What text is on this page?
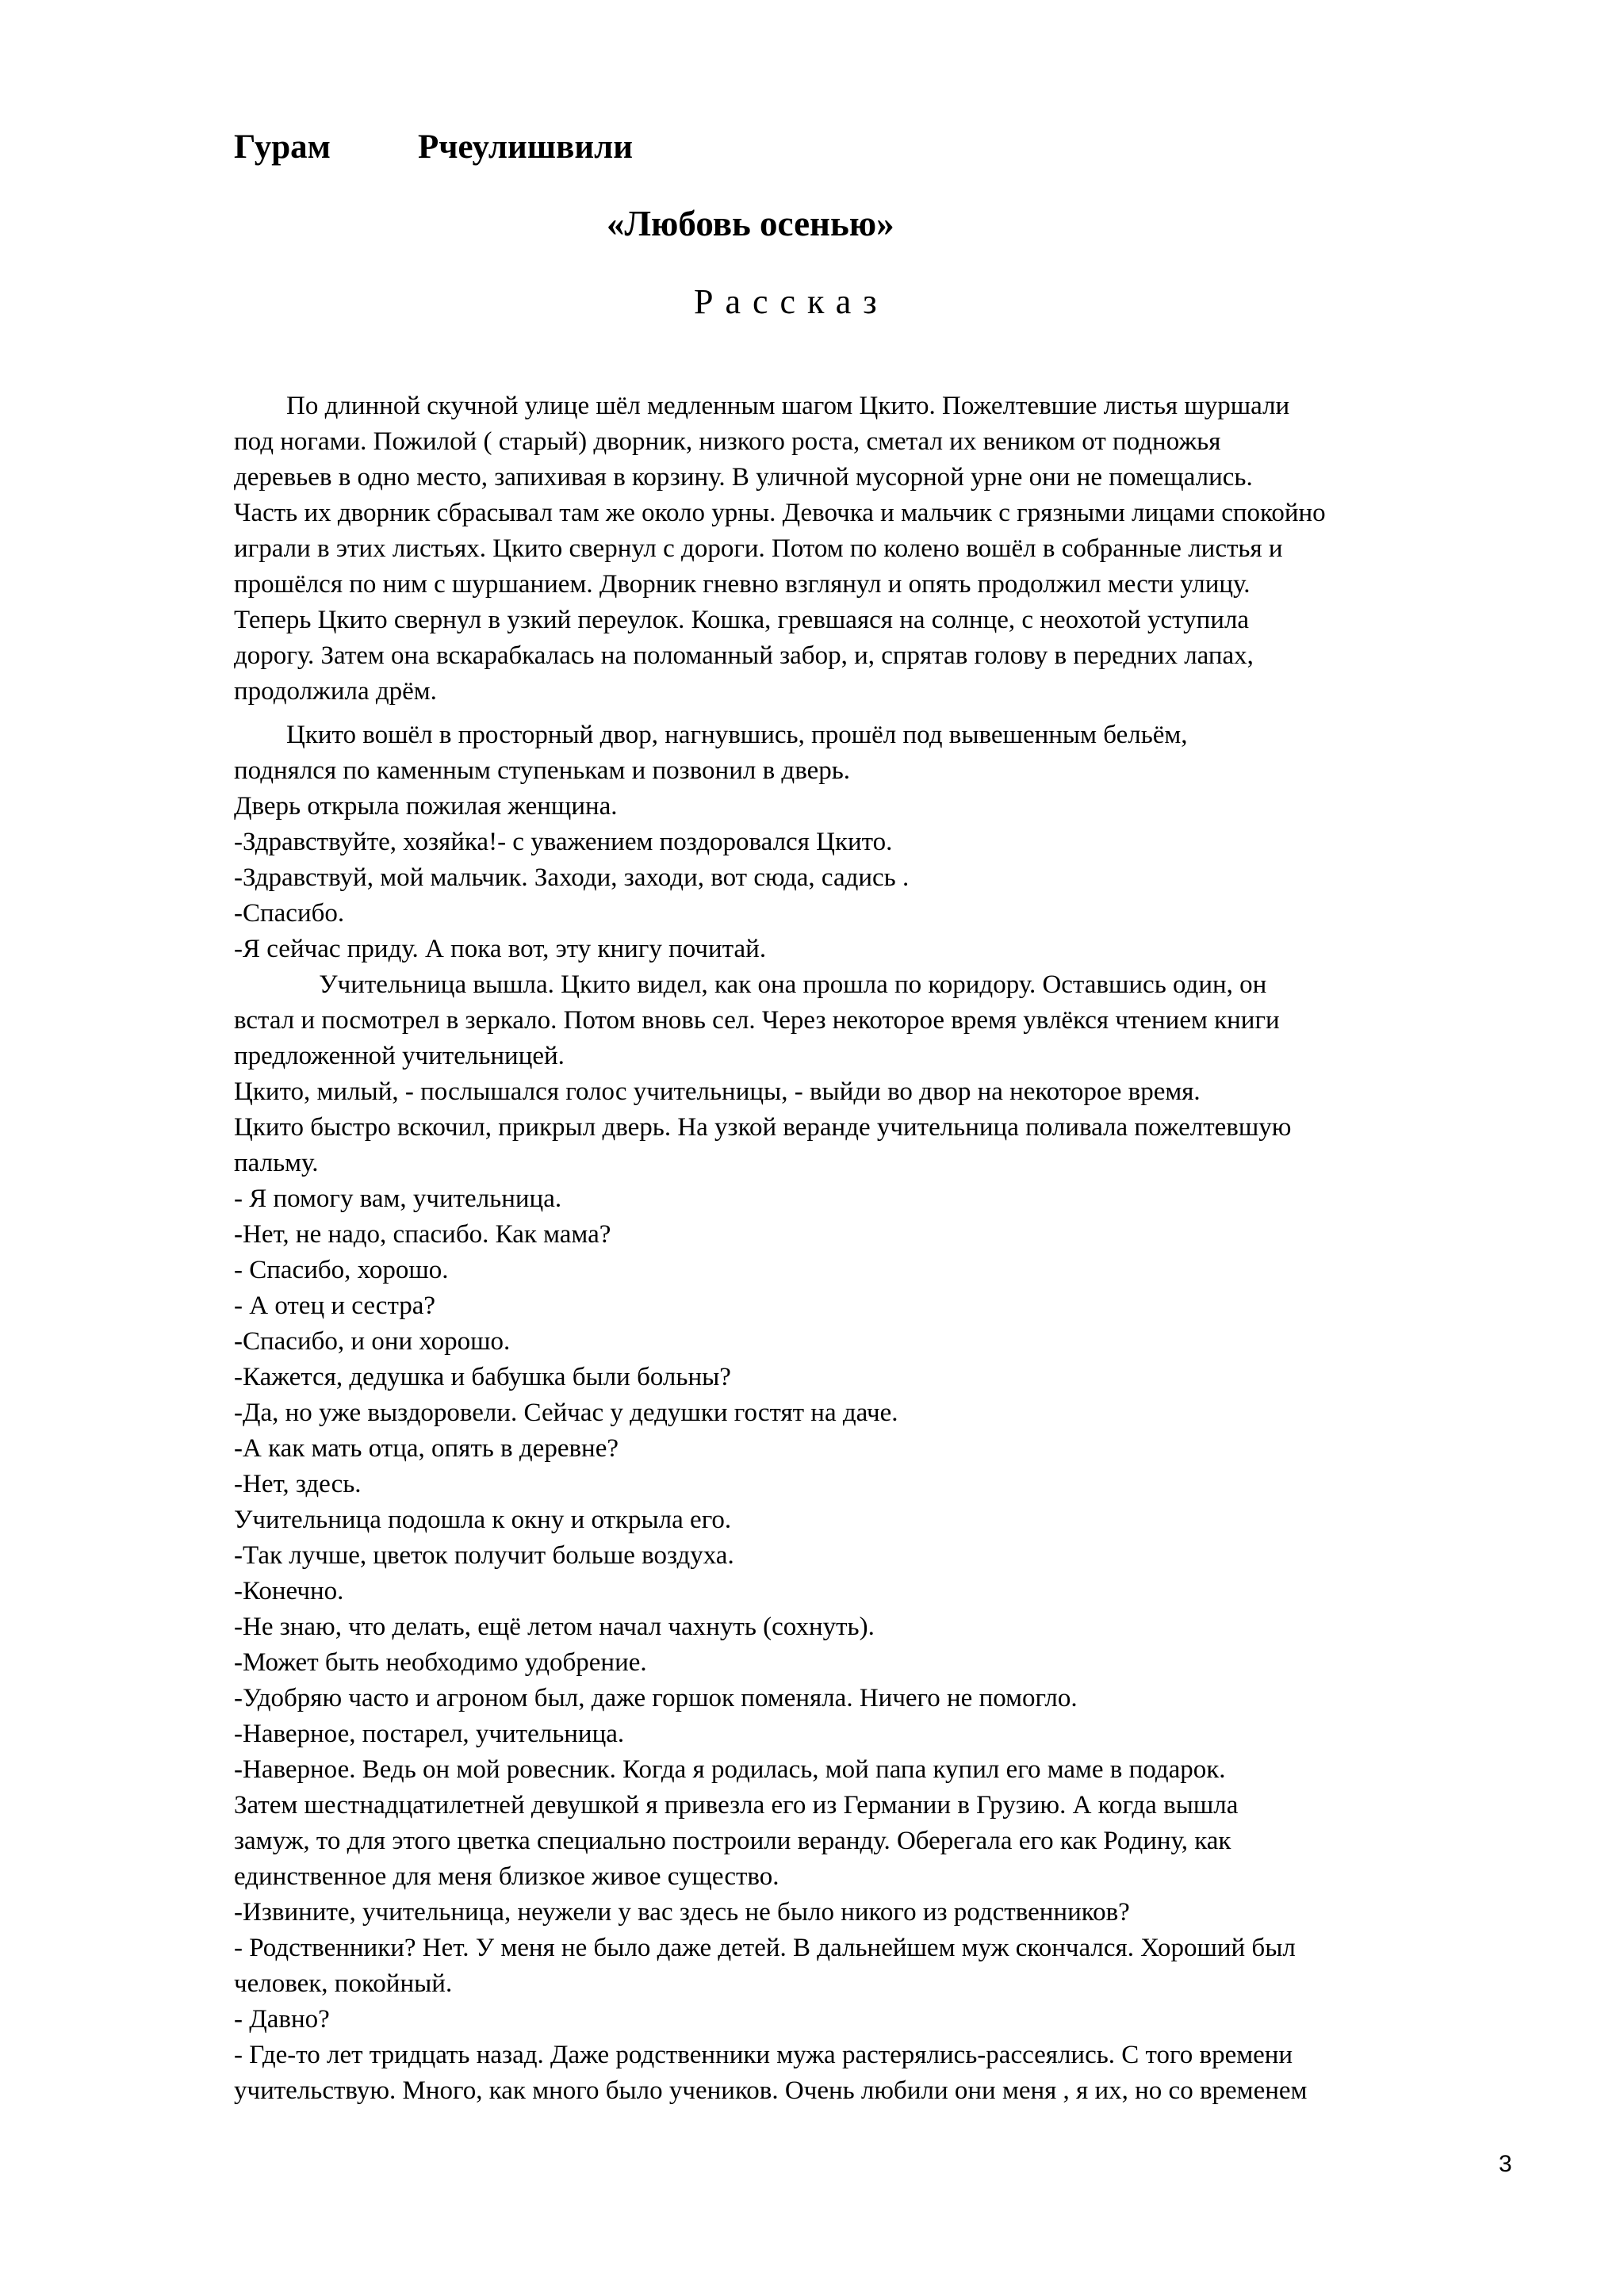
Гурам	Рчеулишвили
«Любовь осенью»
Рассказ

По длинной скучной улице шёл медленным шагом Цкито. Пожелтевшие листья шуршали

под ногами. Пожилой ( старый) дворник, низкого роста, сметал их веником от подножья

деревьев в одно место, запихивая в корзину. В уличной мусорной урне они не помещались.

Часть их дворник сбрасывал там же около урны. Девочка и мальчик с грязными лицами спокойно

играли в этих листьях. Цкито свернул с дороги. Потом по колено вошёл в собранные листья и

прошёлся по ним с шуршанием. Дворник гневно взглянул и опять продолжил мести улицу.

Теперь Цкито свернул в узкий переулок. Кошка, гревшаяся на солнце, с неохотой уступила

дорогу. Затем она вскарабкалась на поломанный забор, и, спрятав голову в передних лапах,

продолжила дрём.

Цкито вошёл в просторный двор, нагнувшись, прошёл под вывешенным бельём,

поднялся по каменным ступенькам и позвонил в дверь.

Дверь открыла пожилая женщина.

-Здравствуйте, хозяйка!- с уважением поздоровался Цкито.

-Здравствуй, мой мальчик. Заходи, заходи, вот сюда, садись .

-Спасибо.

-Я сейчас приду. А пока вот, эту книгу почитай.

Учительница вышла. Цкито видел, как она прошла по коридору. Оставшись один, он

встал и посмотрел в зеркало. Потом вновь сел. Через некоторое время увлёкся чтением книги

предложенной учительницей.

Цкито, милый, - послышался голос учительницы, - выйди во двор на некоторое время.

Цкито быстро вскочил, прикрыл дверь. На узкой веранде учительница поливала пожелтевшую

пальму.

- Я помогу вам, учительница.

-Нет, не надо, спасибо. Как мама?

- Спасибо, хорошо.

- А отец и сестра?

-Спасибо, и они хорошо.

-Кажется, дедушка и бабушка были больны?

-Да, но уже выздоровели. Сейчас у дедушки гостят на даче.

-А как мать отца, опять в деревне?

-Нет, здесь.

Учительница подошла к окну и открыла его.

-Так лучше, цветок получит больше воздуха.

-Конечно.

-Не знаю, что делать, ещё летом начал чахнуть (сохнуть).

-Может быть необходимо удобрение.

-Удобряю часто и агроном был, даже горшок поменяла. Ничего не помогло.

-Наверное, постарел, учительница.

-Наверное. Ведь он мой ровесник. Когда я родилась, мой папа купил его маме в подарок.

Затем шестнадцатилетней девушкой я привезла его из Германии в Грузию. А когда вышла

замуж, то для этого цветка специально построили веранду. Оберегала его как Родину, как

единственное для меня близкое живое существо.

-Извините, учительница, неужели у вас здесь не было никого из родственников?

- Родственники? Нет. У меня не было даже детей. В дальнейшем муж скончался. Хороший был

человек, покойный.

- Давно?

- Где-то лет тридцать назад. Даже родственники мужа растерялись-рассеялись. С того времени

учительствую. Много, как много было учеников. Очень любили они меня , я их, но со временем

3
